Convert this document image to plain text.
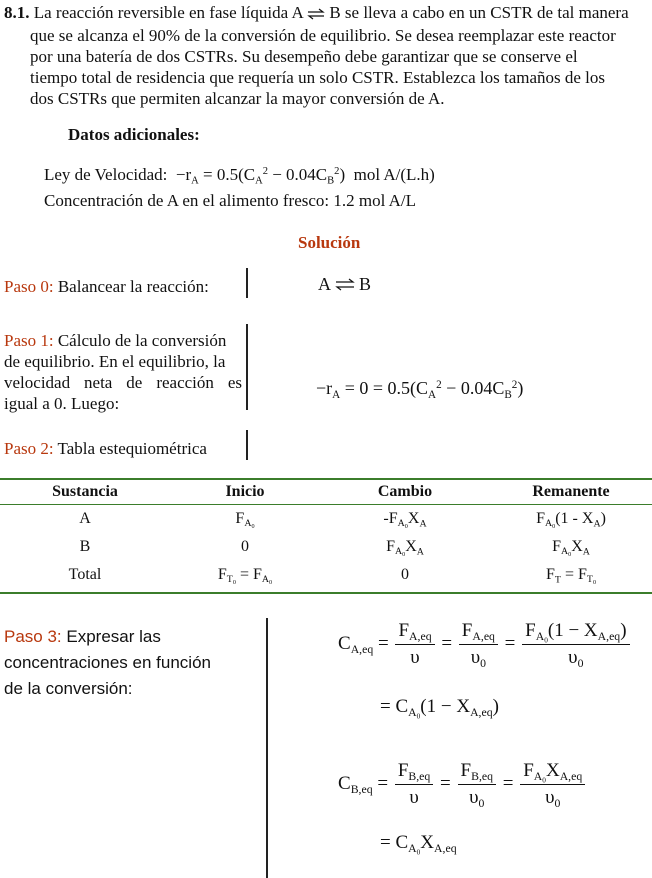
8.1. La reacción reversible en fase líquida A ⇌ B se lleva a cabo en un CSTR de tal manera
que se alcanza el 90% de la conversión de equilibrio. Se desea reemplazar este reactor
por una batería de dos CSTRs. Su desempeño debe garantizar que se conserve el
tiempo total de residencia que requería un solo CSTR. Establezca los tamaños de los
dos CSTRs que permiten alcanzar la mayor conversión de A.
Datos adicionales:
Ley de Velocidad:  $-r_A = 0.5(C_A^2 - 0.04C_B^2)$  mol A/(L.h)
Concentración de A en el alimento fresco: 1.2 mol A/L
Solución
Paso 0: Balancear la reacción:	A ⇌ B
Paso 1: Cálculo de la conversión
de equilibrio. En el equilibrio, la
velocidad neta de reacción es
igual a 0. Luego:
$-r_A = 0 = 0.5(C_A^2 - 0.04C_B^2)$
Paso 2: Tabla estequiométrica
Sustancia	Inicio	Cambio	Remanente
A	$F_{A_0}$	$-F_{A_0}X_A$	$F_{A_0}(1 - X_A)$
B	0	$F_{A_0}X_A$	$F_{A_0}X_A$
Total	$F_{T_0} = F_{A_0}$	0	$F_T = F_{T_0}$
Paso 3: Expresar las
concentraciones en función
de la conversión:
$C_{A,eq} = \frac{F_{A,eq}}{\upsilon} = \frac{F_{A,eq}}{\upsilon_0} = \frac{F_{A_0}(1 - X_{A,eq})}{\upsilon_0}$
= $C_{A_0}(1 - X_{A,eq})$
$C_{B,eq} = \frac{F_{B,eq}}{\upsilon} = \frac{F_{B,eq}}{\upsilon_0} = \frac{F_{A_0}X_{A,eq}}{\upsilon_0}$
= $C_{A_0}X_{A,eq}$
